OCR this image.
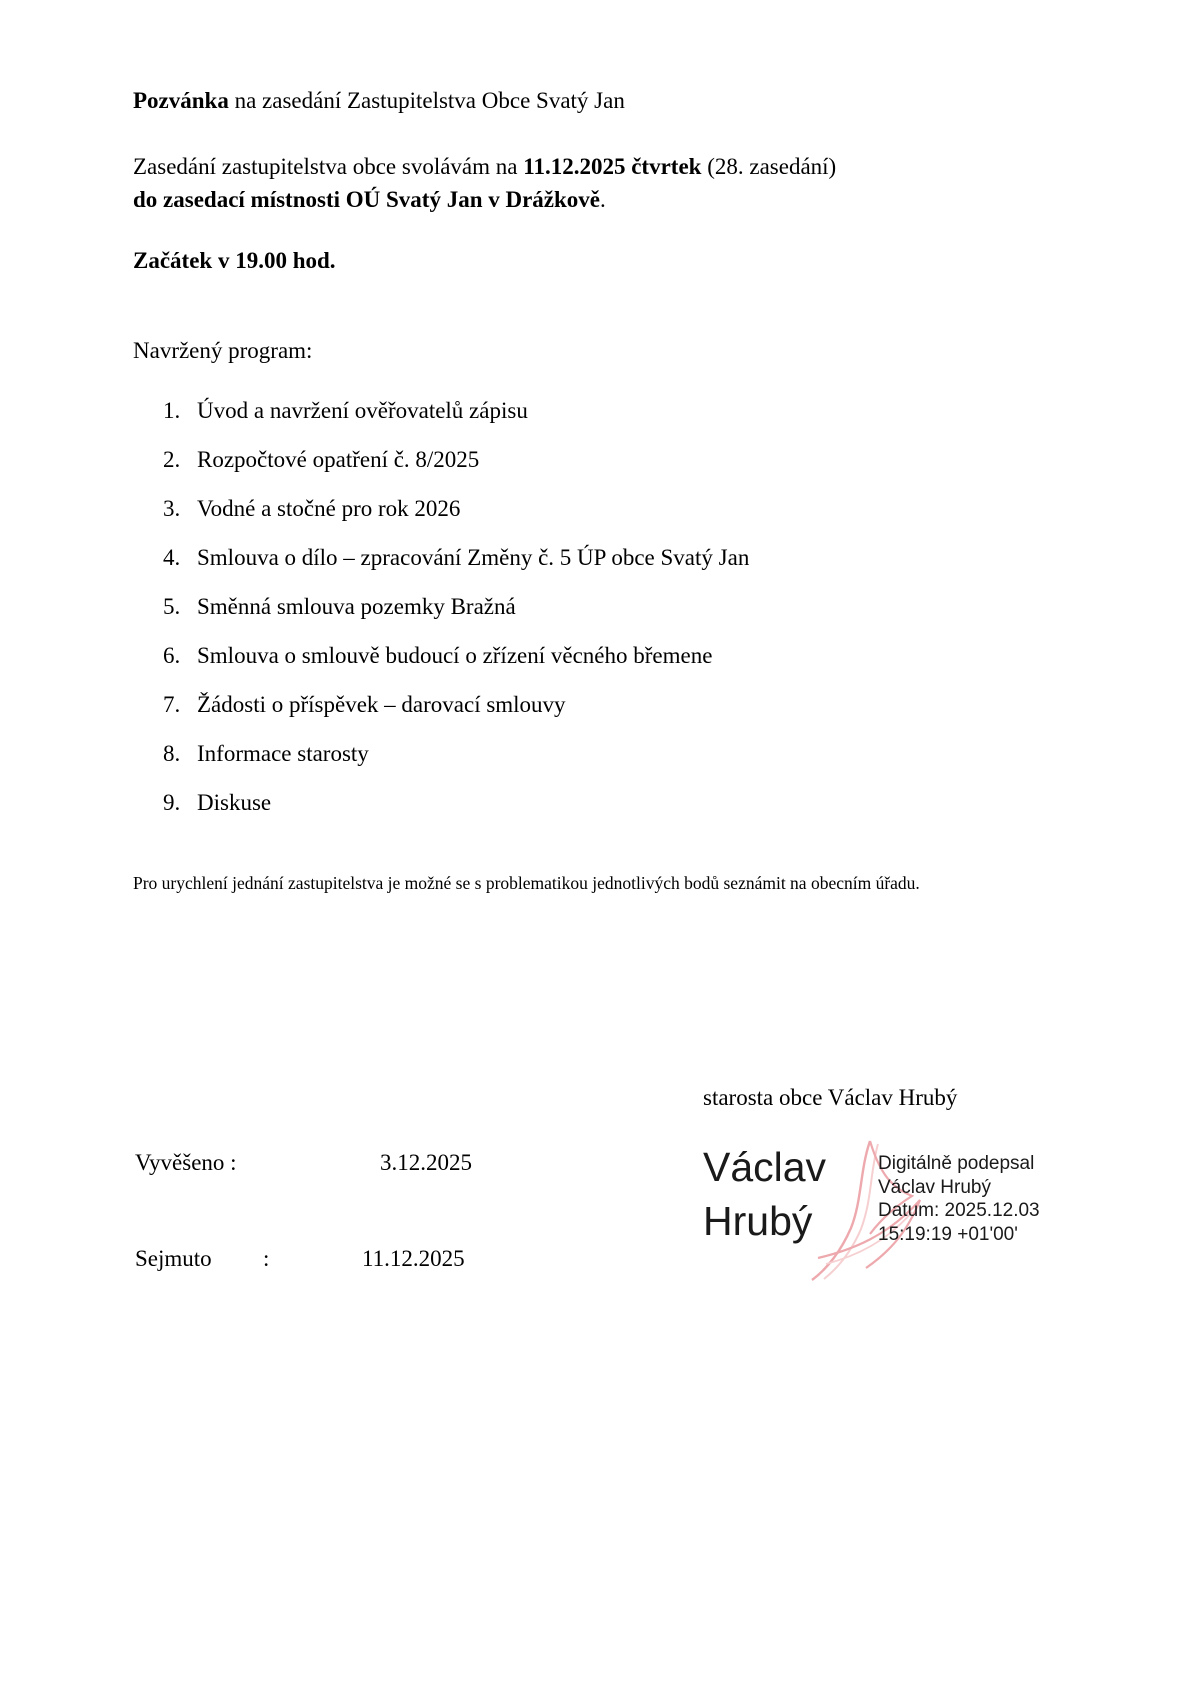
Pozvánka na zasedání Zastupitelstva Obce Svatý Jan
Zasedání zastupitelstva obce svolávám na 11.12.2025 čtvrtek (28. zasedání)
do zasedací místnosti OÚ Svatý Jan v Drážkově.
Začátek v 19.00 hod.
Navržený program:
1. Úvod a navržení ověřovatelů zápisu
2. Rozpočtové opatření č. 8/2025
3. Vodné a stočné pro rok 2026
4. Smlouva o dílo – zpracování Změny č. 5 ÚP obce Svatý Jan
5. Směnná smlouva pozemky Bražná
6. Smlouva o smlouvě budoucí o zřízení věcného břemene
7. Žádosti o příspěvek – darovací smlouvy
8. Informace starosty
9. Diskuse
Pro urychlení jednání zastupitelstva je možné se s problematikou jednotlivých bodů seznámit na obecním úřadu.
starosta obce Václav Hrubý
Vyvěšeno :	3.12.2025
Sejmuto :	11.12.2025
Václav
Hrubý
Digitálně podepsal
Václav Hrubý
Datum: 2025.12.03
15:19:19 +01'00'
